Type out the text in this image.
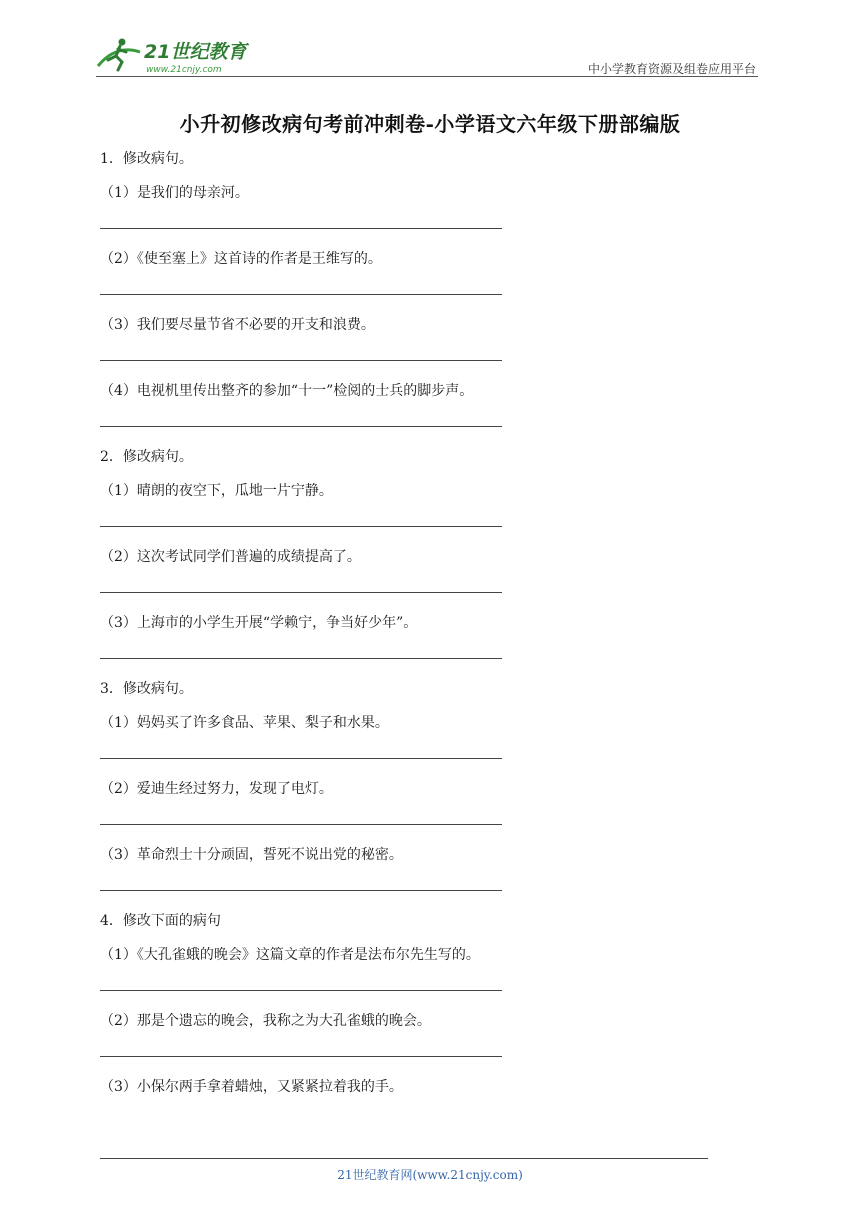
21世纪教育
www.21cnjy.com	中小学教育资源及组卷应用平台
小升初修改病句考前冲刺卷-小学语文六年级下册部编版
1．修改病句。
（1）是我们的母亲河。
（2）《使至塞上》这首诗的作者是王维写的。
（3）我们要尽量节省不必要的开支和浪费。
（4）电视机里传出整齐的参加“十一”检阅的士兵的脚步声。
2．修改病句。
（1）晴朗的夜空下，瓜地一片宁静。
（2）这次考试同学们普遍的成绩提高了。
（3）上海市的小学生开展“学赖宁，争当好少年”。
3．修改病句。
（1）妈妈买了许多食品、苹果、梨子和水果。
（2）爱迪生经过努力，发现了电灯。
（3）革命烈士十分顽固，誓死不说出党的秘密。
4．修改下面的病句
（1）《大孔雀蛾的晚会》这篇文章的作者是法布尔先生写的。
（2）那是个遗忘的晚会，我称之为大孔雀蛾的晚会。
（3）小保尔两手拿着蜡烛，又紧紧拉着我的手。
21世纪教育网(www.21cnjy.com)
